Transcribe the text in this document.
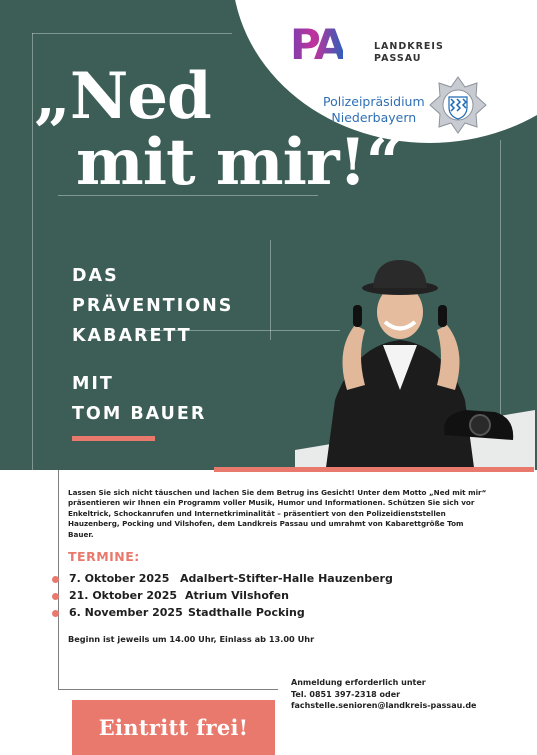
PA	LANDKREIS
PASSAU
Polizeipräsidium
Niederbayern
„Ned
mit mir!“
DAS
PRÄVENTIONS
KABARETT
MIT
TOM BAUER
Lassen Sie sich nicht täuschen und lachen Sie dem Betrug ins Gesicht! Unter dem Motto „Ned mit mir“ präsentieren wir Ihnen ein Programm voller Musik, Humor und Informationen. Schützen Sie sich vor Enkeltrick, Schockanrufen und Internetkriminalität – präsentiert von den Polizeidienststellen Hauzenberg, Pocking und Vilshofen, dem Landkreis Passau und umrahmt von Kabarettgröße Tom Bauer.
TERMINE:
7. Oktober 2025 Adalbert-Stifter-Halle Hauzenberg
21. Oktober 2025 Atrium Vilshofen
6. November 2025 Stadthalle Pocking
Beginn ist jeweils um 14.00 Uhr, Einlass ab 13.00 Uhr
Anmeldung erforderlich unter
Tel. 0851 397-2318 oder
fachstelle.senioren@landkreis-passau.de
Eintritt frei!
